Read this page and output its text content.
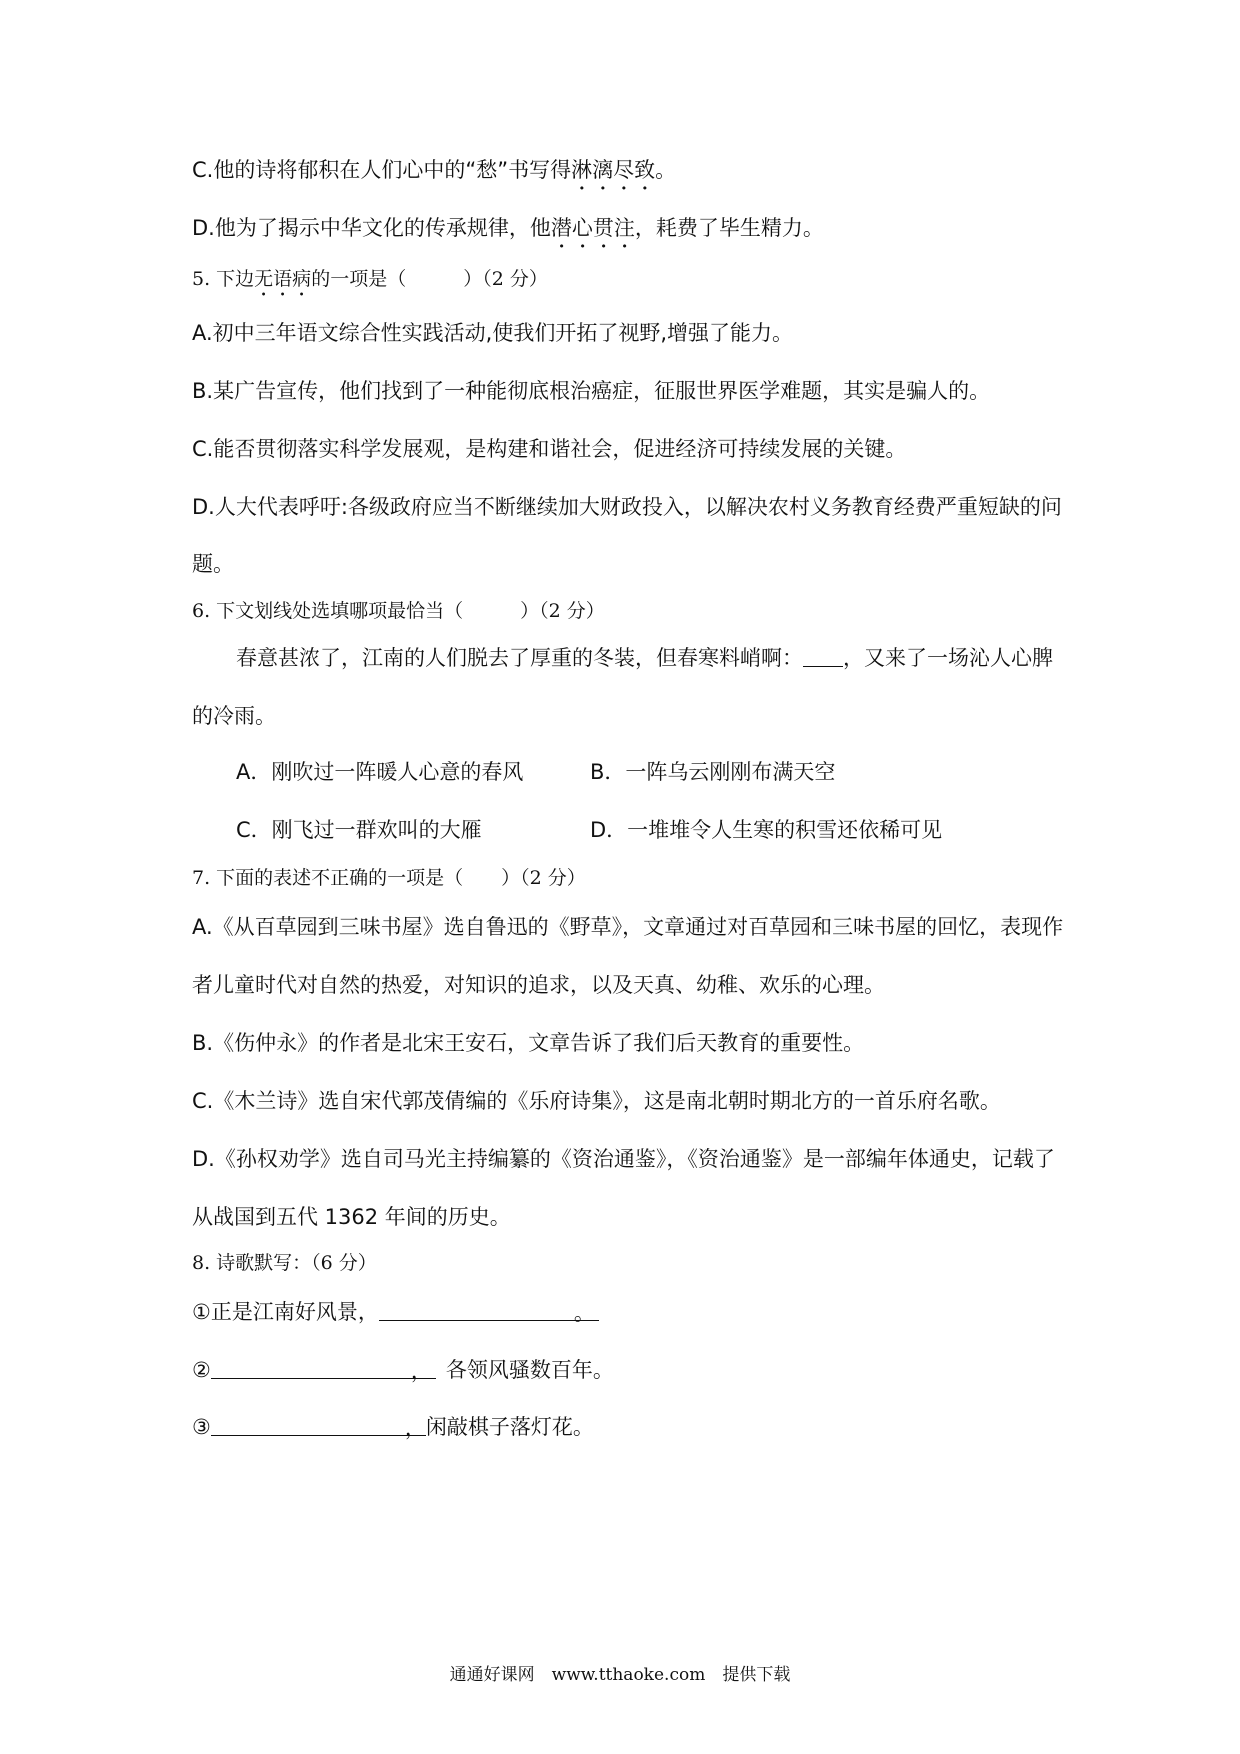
C.他的诗将郁积在人们心中的“愁”书写得淋漓尽致。
D.他为了揭示中华文化的传承规律，他潜心贯注，耗费了毕生精力。
5. 下边无语病的一项是（　　　）（2 分）
A.初中三年语文综合性实践活动,使我们开拓了视野,增强了能力。
B.某广告宣传，他们找到了一种能彻底根治癌症，征服世界医学难题，其实是骗人的。
C.能否贯彻落实科学发展观，是构建和谐社会，促进经济可持续发展的关键。
D.人大代表呼吁:各级政府应当不断继续加大财政投入，以解决农村义务教育经费严重短缺的问
题。
6. 下文划线处选填哪项最恰当（　　　）（2 分）
春意甚浓了，江南的人们脱去了厚重的冬装，但春寒料峭啊： ，又来了一场沁人心脾
的冷雨。
A．刚吹过一阵暖人心意的春风	B．一阵乌云刚刚布满天空
C．刚飞过一群欢叫的大雁	D．一堆堆令人生寒的积雪还依稀可见
7. 下面的表述不正确的一项是（　　）（2 分）
A.《从百草园到三味书屋》选自鲁迅的《野草》，文章通过对百草园和三味书屋的回忆，表现作
者儿童时代对自然的热爱，对知识的追求，以及天真、幼稚、欢乐的心理。
B.《伤仲永》的作者是北宋王安石，文章告诉了我们后天教育的重要性。
C.《木兰诗》选自宋代郭茂倩编的《乐府诗集》，这是南北朝时期北方的一首乐府名歌。
D.《孙权劝学》选自司马光主持编纂的《资治通鉴》，《资治通鉴》是一部编年体通史，记载了
从战国到五代 1362 年间的历史。
8. 诗歌默写：（6 分）
①正是江南好风景，	。
②	， 各领风骚数百年。
③	， 闲敲棋子落灯花。
通通好课网　www.tthaoke.com　提供下载
